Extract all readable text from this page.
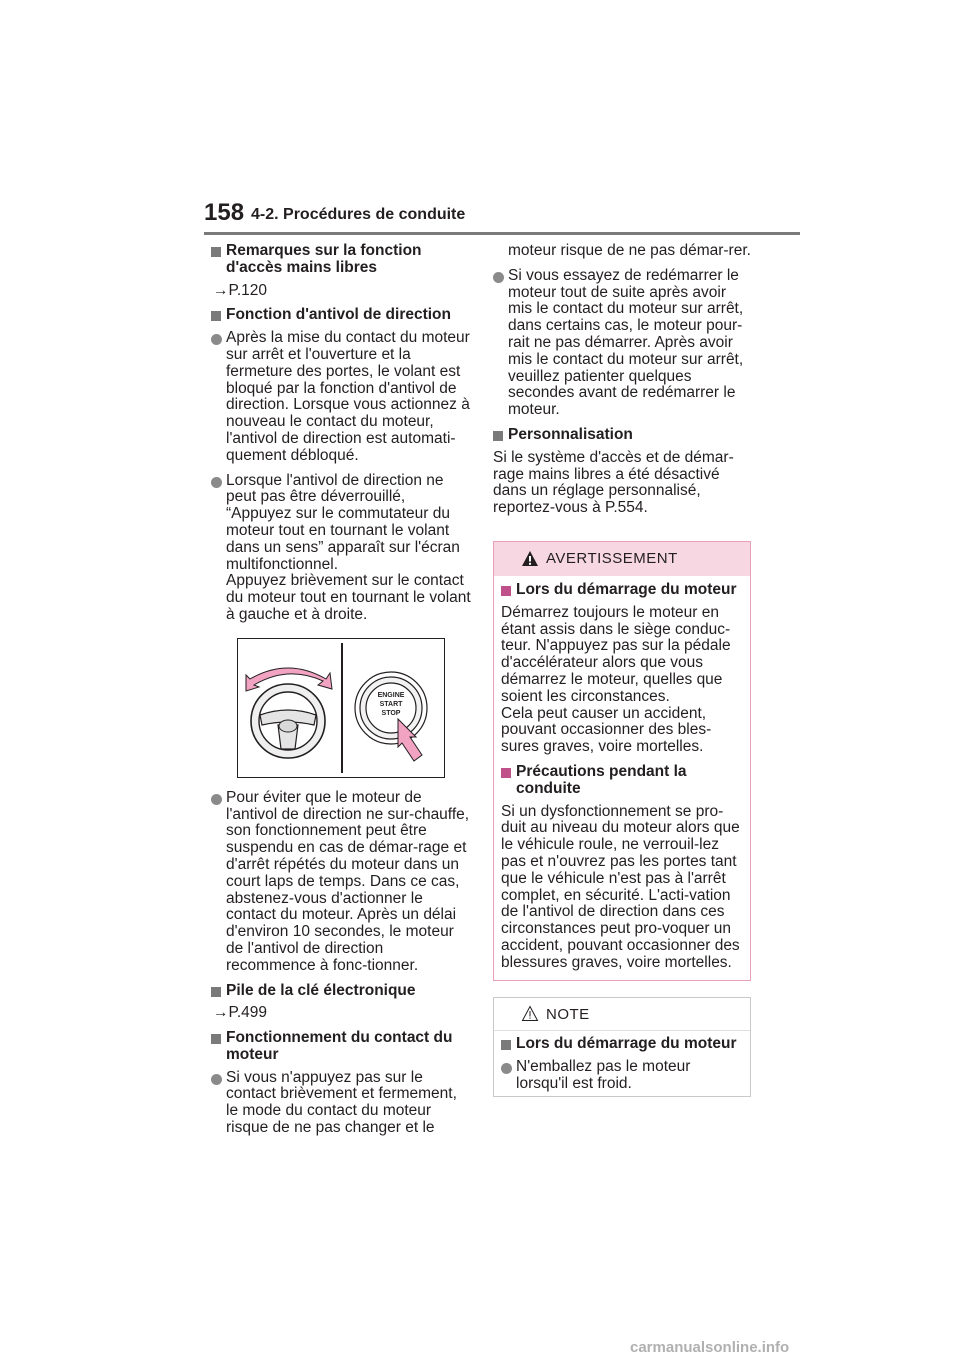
158 4-2. Procédures de conduite
Remarques sur la fonction d'accès mains libres
→P.120
Fonction d'antivol de direction
Après la mise du contact du moteur sur arrêt et l'ouverture et la fermeture des portes, le volant est bloqué par la fonction d'antivol de direction. Lorsque vous actionnez à nouveau le contact du moteur, l'antivol de direction est automati-quement débloqué.
Lorsque l'antivol de direction ne peut pas être déverrouillé, “Appuyez sur le commutateur du moteur tout en tournant le volant dans un sens” apparaît sur l'écran multifonctionnel.
Appuyez brièvement sur le contact du moteur tout en tournant le volant à gauche et à droite.
ENGINE
START
STOP
Pour éviter que le moteur de l'antivol de direction ne sur-chauffe, son fonctionnement peut être suspendu en cas de démar-rage et d'arrêt répétés du moteur dans un court laps de temps. Dans ce cas, abstenez-vous d'actionner le contact du moteur. Après un délai d'environ 10 secondes, le moteur de l'antivol de direction recommence à fonc-tionner.
Pile de la clé électronique
→P.499
Fonctionnement du contact du moteur
Si vous n'appuyez pas sur le contact brièvement et fermement, le mode du contact du moteur risque de ne pas changer et le
moteur risque de ne pas démar-rer.
Si vous essayez de redémarrer le moteur tout de suite après avoir mis le contact du moteur sur arrêt, dans certains cas, le moteur pour-rait ne pas démarrer. Après avoir mis le contact du moteur sur arrêt, veuillez patienter quelques secondes avant de redémarrer le moteur.
Personnalisation
Si le système d'accès et de démar-rage mains libres a été désactivé dans un réglage personnalisé, reportez-vous à P.554.
AVERTISSEMENT
Lors du démarrage du moteur
Démarrez toujours le moteur en étant assis dans le siège conduc-teur. N'appuyez pas sur la pédale d'accélérateur alors que vous démarrez le moteur, quelles que soient les circonstances.
Cela peut causer un accident, pouvant occasionner des bles-sures graves, voire mortelles.
Précautions pendant la conduite
Si un dysfonctionnement se pro-duit au niveau du moteur alors que le véhicule roule, ne verrouil-lez pas et n'ouvrez pas les portes tant que le véhicule n'est pas à l'arrêt complet, en sécurité. L'acti-vation de l'antivol de direction dans ces circonstances peut pro-voquer un accident, pouvant occasionner des blessures graves, voire mortelles.
NOTE
Lors du démarrage du moteur
N'emballez pas le moteur lorsqu'il est froid.
carmanualsonline.info
